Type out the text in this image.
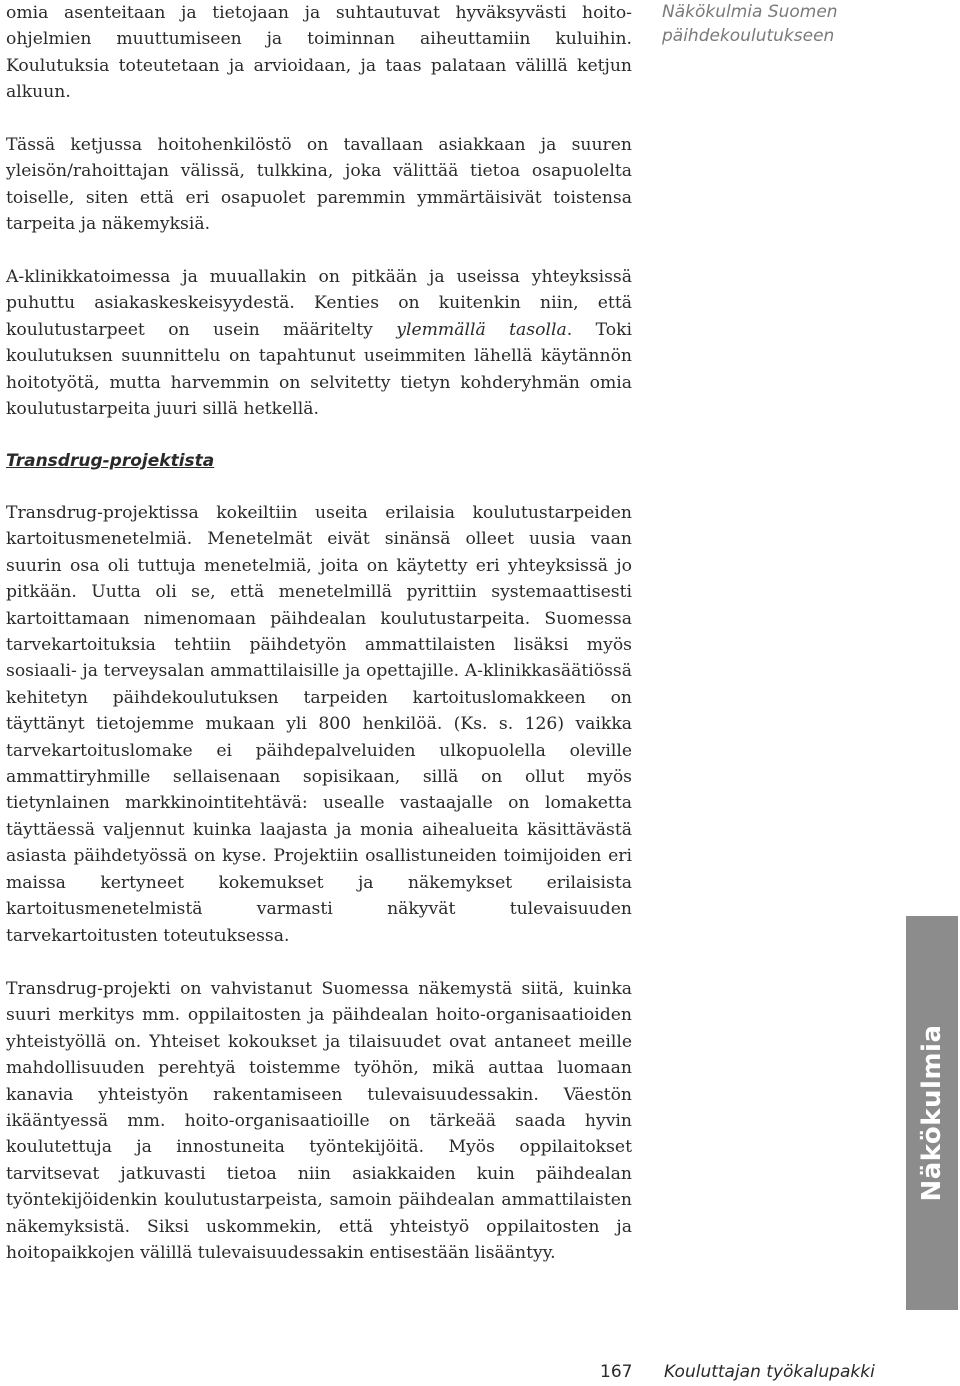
Näkökulmia Suomen
päihdekoulutukseen

omia asenteitaan ja tietojaan ja suhtautuvat hyväksyvästi hoito-ohjelmien muuttumiseen ja toiminnan aiheuttamiin kuluihin. Koulutuksia toteutetaan ja arvioidaan, ja taas palataan välillä ketjun alkuun.

Tässä ketjussa hoitohenkilöstö on tavallaan asiakkaan ja suuren yleisön/rahoittajan välissä, tulkkina, joka välittää tietoa osapuolelta toiselle, siten että eri osapuolet paremmin ymmärtäisivät toistensa tarpeita ja näkemyksiä.

A-klinikkatoimessa ja muuallakin on pitkään ja useissa yhteyksissä puhuttu asiakaskeskeisyydestä. Kenties on kuitenkin niin, että koulutustarpeet on usein määritelty ylemmällä tasolla. Toki koulutuksen suunnittelu on tapahtunut useimmiten lähellä käytännön hoitotyötä, mutta harvemmin on selvitetty tietyn kohderyhmän omia koulutustarpeita juuri sillä hetkellä.

Transdrug-projektista

Transdrug-projektissa kokeiltiin useita erilaisia koulutustarpeiden kartoitusmenetelmiä. Menetelmät eivät sinänsä olleet uusia vaan suurin osa oli tuttuja menetelmiä, joita on käytetty eri yhteyksissä jo pitkään. Uutta oli se, että menetelmillä pyrittiin systemaattisesti kartoittamaan nimenomaan päihdealan koulutustarpeita. Suomessa tarvekartoituksia tehtiin päihdetyön ammattilaisten lisäksi myös sosiaali- ja terveysalan ammattilaisille ja opettajille. A-klinikkasäätiössä kehitetyn päihdekoulutuksen tarpeiden kartoituslomakkeen on täyttänyt tietojemme mukaan yli 800 henkilöä. (Ks. s. 126) vaikka tarvekartoituslomake ei päihdepalveluiden ulkopuolella oleville ammattiryhmille sellaisenaan sopisikaan, sillä on ollut myös tietynlainen markkinointitehtävä: usealle vastaajalle on lomaketta täyttäessä valjennut kuinka laajasta ja monia aihealueita käsittävästä asiasta päihdetyössä on kyse. Projektiin osallistuneiden toimijoiden eri maissa kertyneet kokemukset ja näkemykset erilaisista kartoitusmenetelmistä varmasti näkyvät tulevaisuuden tarvekartoitusten toteutuksessa.

Transdrug-projekti on vahvistanut Suomessa näkemystä siitä, kuinka suuri merkitys mm. oppilaitosten ja päihdealan hoito-organisaatioiden yhteistyöllä on. Yhteiset kokoukset ja tilaisuudet ovat antaneet meille mahdollisuuden perehtyä toistemme työhön, mikä auttaa luomaan kanavia yhteistyön rakentamiseen tulevaisuudessakin. Väestön ikääntyessä mm. hoito-organisaatioille on tärkeää saada hyvin koulutettuja ja innostuneita työntekijöitä. Myös oppilaitokset tarvitsevat jatkuvasti tietoa niin asiakkaiden kuin päihdealan työntekijöidenkin koulutustarpeista, samoin päihdealan ammattilaisten näkemyksistä. Siksi uskommekin, että yhteistyö oppilaitosten ja hoitopaikkojen välillä tulevaisuudessakin entisestään lisääntyy.

Näkökulmia
167 Kouluttajan työkalupakki
